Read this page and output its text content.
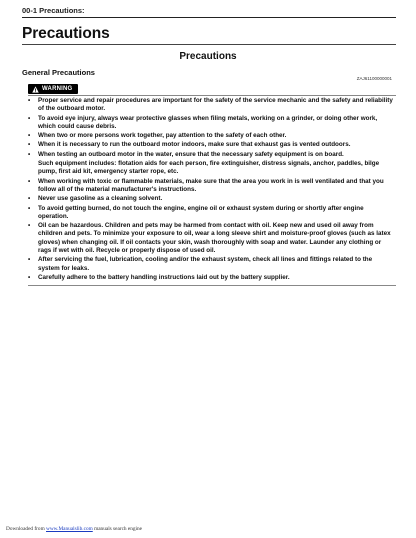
00-1 Precautions:
Precautions
Precautions
General Precautions
ZAJ61100000001
WARNING
• Proper service and repair procedures are important for the safety of the service mechanic and the safety and reliability of the outboard motor.
• To avoid eye injury, always wear protective glasses when filing metals, working on a grinder, or doing other work, which could cause debris.
• When two or more persons work together, pay attention to the safety of each other.
• When it is necessary to run the outboard motor indoors, make sure that exhaust gas is vented outdoors.
• When testing an outboard motor in the water, ensure that the necessary safety equipment is on board.
Such equipment includes: flotation aids for each person, fire extinguisher, distress signals, anchor, paddles, bilge pump, first aid kit, emergency starter rope, etc.
• When working with toxic or flammable materials, make sure that the area you work in is well ventilated and that you follow all of the material manufacturer's instructions.
• Never use gasoline as a cleaning solvent.
• To avoid getting burned, do not touch the engine, engine oil or exhaust system during or shortly after engine operation.
• Oil can be hazardous. Children and pets may be harmed from contact with oil. Keep new and used oil away from children and pets. To minimize your exposure to oil, wear a long sleeve shirt and moisture-proof gloves (such as latex gloves) when changing oil. If oil contacts your skin, wash thoroughly with soap and water. Launder any clothing or rags if wet with oil. Recycle or properly dispose of used oil.
• After servicing the fuel, lubrication, cooling and/or the exhaust system, check all lines and fittings related to the system for leaks.
• Carefully adhere to the battery handling instructions laid out by the battery supplier.
Downloaded from www.Manualslib.com manuals search engine
